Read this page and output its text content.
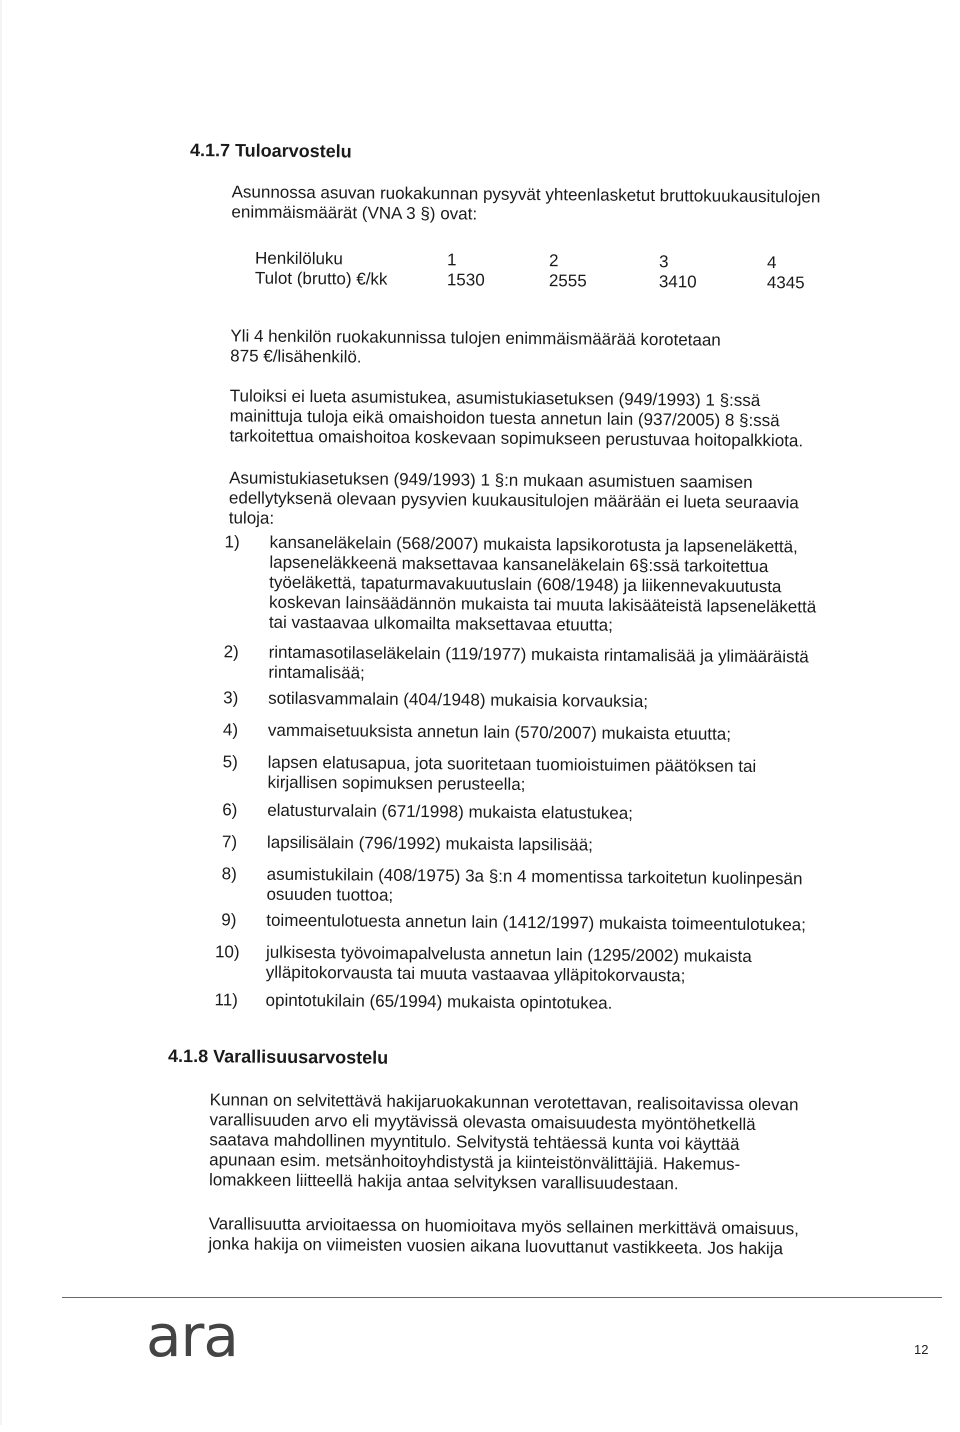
4.1.7 Tuloarvostelu
Asunnossa asuvan ruokakunnan pysyvät yhteenlasketut bruttokuukausitulojen
enimmäismäärät (VNA 3 §) ovat:
Henkilöluku	1	2	3	4
Tulot (brutto) €/kk	1530	2555	3410	4345
Yli 4 henkilön ruokakunnissa tulojen enimmäismäärää korotetaan
875 €/lisähenkilö.
Tuloiksi ei lueta asumistukea, asumistukiasetuksen (949/1993) 1 §:ssä
mainittuja tuloja eikä omaishoidon tuesta annetun lain (937/2005) 8 §:ssä
tarkoitettua omaishoitoa koskevaan sopimukseen perustuvaa hoitopalkkiota.
Asumistukiasetuksen (949/1993) 1 §:n mukaan asumistuen saamisen
edellytyksenä olevaan pysyvien kuukausitulojen määrään ei lueta seuraavia
tuloja:
1) kansaneläkelain (568/2007) mukaista lapsikorotusta ja lapseneläkettä,
lapseneläkkeenä maksettavaa kansaneläkelain 6§:ssä tarkoitettua
työeläkettä, tapaturmavakuutuslain (608/1948) ja liikennevakuutusta
koskevan lainsäädännön mukaista tai muuta lakisääteistä lapseneläkettä
tai vastaavaa ulkomailta maksettavaa etuutta;
2) rintamasotilaseläkelain (119/1977) mukaista rintamalisää ja ylimääräistä
rintamalisää;
3) sotilasvammalain (404/1948) mukaisia korvauksia;
4) vammaisetuuksista annetun lain (570/2007) mukaista etuutta;
5) lapsen elatusapua, jota suoritetaan tuomioistuimen päätöksen tai
kirjallisen sopimuksen perusteella;
6) elatusturvalain (671/1998) mukaista elatustukea;
7) lapsilisälain (796/1992) mukaista lapsilisää;
8) asumistukilain (408/1975) 3a §:n 4 momentissa tarkoitetun kuolinpesän
osuuden tuottoa;
9) toimeentulotuesta annetun lain (1412/1997) mukaista toimeentulotukea;
10) julkisesta työvoimapalvelusta annetun lain (1295/2002) mukaista
ylläpitokorvausta tai muuta vastaavaa ylläpitokorvausta;
11) opintotukilain (65/1994) mukaista opintotukea.
4.1.8 Varallisuusarvostelu
Kunnan on selvitettävä hakijaruokakunnan verotettavan, realisoitavissa olevan
varallisuuden arvo eli myytävissä olevasta omaisuudesta myöntöhetkellä
saatava mahdollinen myyntitulo. Selvitystä tehtäessä kunta voi käyttää
apunaan esim. metsänhoitoyhdistystä ja kiinteistönvälittäjiä. Hakemus-
lomakkeen liitteellä hakija antaa selvityksen varallisuudestaan.
Varallisuutta arvioitaessa on huomioitava myös sellainen merkittävä omaisuus,
jonka hakija on viimeisten vuosien aikana luovuttanut vastikkeeta. Jos hakija
ara	12
